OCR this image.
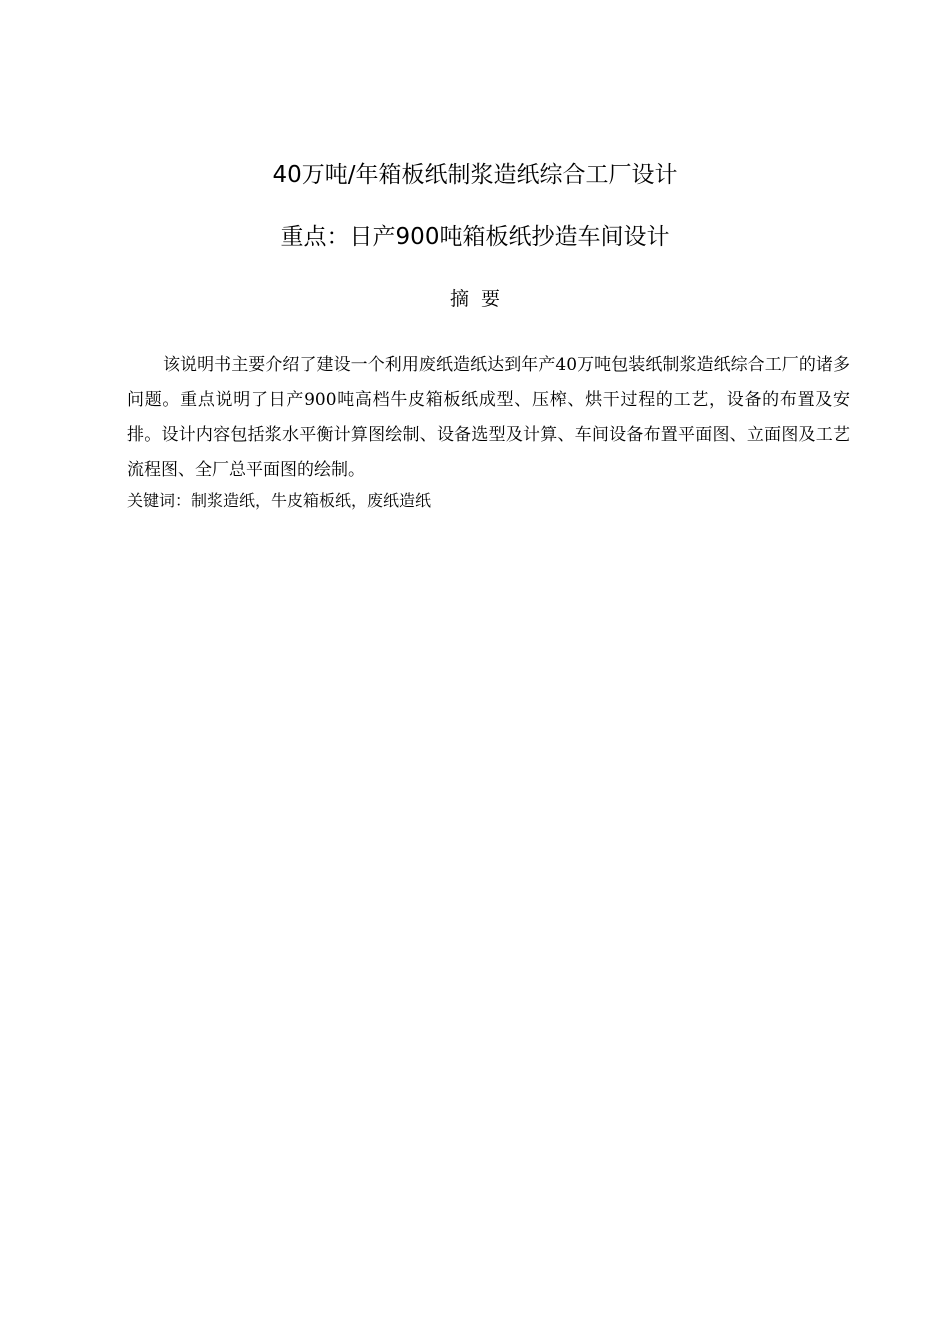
40万吨/年箱板纸制浆造纸综合工厂设计
重点：日产900吨箱板纸抄造车间设计
摘要

该说明书主要介绍了建设一个利用废纸造纸达到年产40万吨包装纸制浆造纸综合工厂的诸多问题。重点说明了日产900吨高档牛皮箱板纸成型、压榨、烘干过程的工艺，设备的布置及安排。设计内容包括浆水平衡计算图绘制、设备选型及计算、车间设备布置平面图、立面图及工艺流程图、全厂总平面图的绘制。

关键词：制浆造纸，牛皮箱板纸，废纸造纸
